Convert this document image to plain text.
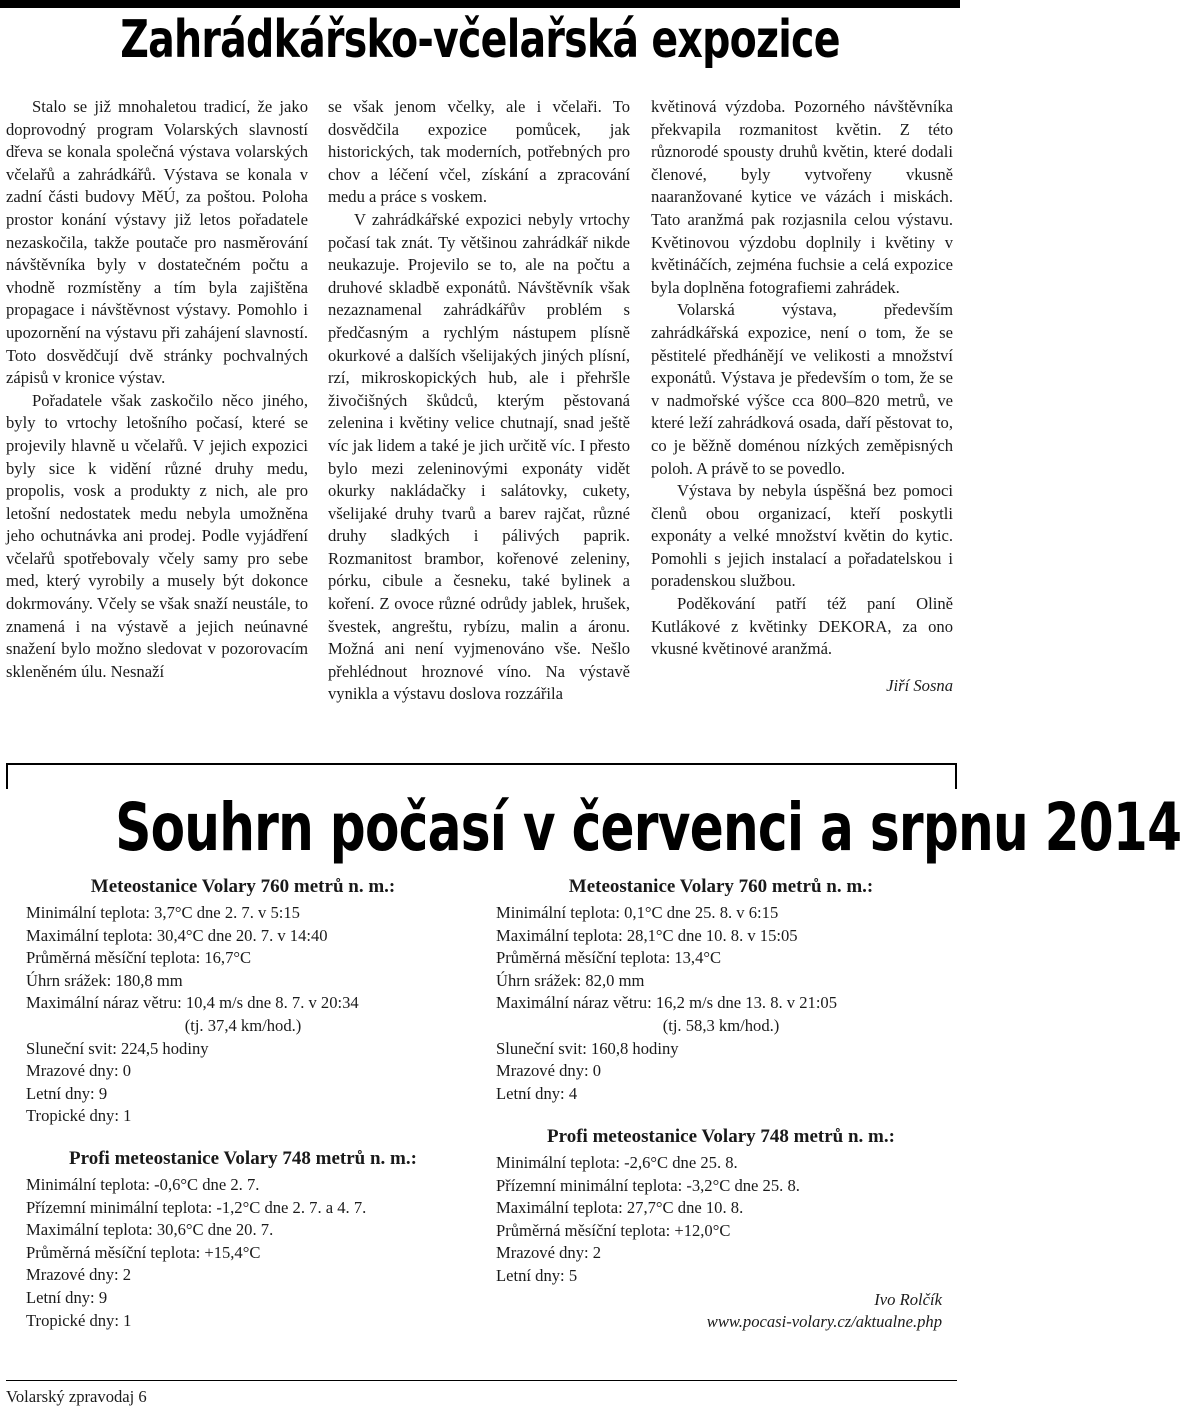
Zahrádkářsko-včelařská expozice

Stalo se již mnohaletou tradicí, že jako doprovodný program Volarských slavností dřeva se konala společná výstava volarských včelařů a zahrádkářů. Výstava se konala v zadní části budovy MěÚ, za poštou. Poloha prostor konání výstavy již letos pořadatele nezaskočila, takže poutače pro nasměrování návštěvníka byly v dostatečném počtu a vhodně rozmístěny a tím byla zajištěna propagace i návštěvnost výstavy. Pomohlo i upozornění na výstavu při zahájení slavností. Toto dosvědčují dvě stránky pochvalných zápisů v kronice výstav.

Pořadatele však zaskočilo něco jiného, byly to vrtochy letošního počasí, které se projevily hlavně u včelařů. V jejich expozici byly sice k vidění různé druhy medu, propolis, vosk a produkty z nich, ale pro letošní nedostatek medu nebyla umožněna jeho ochutnávka ani prodej. Podle vyjádření včelařů spotřebovaly včely samy pro sebe med, který vyrobily a musely být dokonce dokrmovány. Včely se však snaží neustále, to znamená i na výstavě a jejich neúnavné snažení bylo možno sledovat v pozorovacím skleněném úlu. Nesnaží

se však jenom včelky, ale i včelaři. To dosvědčila expozice pomůcek, jak historických, tak moderních, potřebných pro chov a léčení včel, získání a zpracování medu a práce s voskem.

V zahrádkářské expozici nebyly vrtochy počasí tak znát. Ty většinou zahrádkář nikde neukazuje. Projevilo se to, ale na počtu a druhové skladbě exponátů. Návštěvník však nezaznamenal zahrádkářův problém s předčasným a rychlým nástupem plísně okurkové a dalších všelijakých jiných plísní, rzí, mikroskopických hub, ale i přehršle živočišných škůdců, kterým pěstovaná zelenina i květiny velice chutnají, snad ještě víc jak lidem a také je jich určitě víc. I přesto bylo mezi zeleninovými exponáty vidět okurky nakládačky i salátovky, cukety, všelijaké druhy tvarů a barev rajčat, různé druhy sladkých i pálivých paprik. Rozmanitost brambor, kořenové zeleniny, pórku, cibule a česneku, také bylinek a koření. Z ovoce různé odrůdy jablek, hrušek, švestek, angreštu, rybízu, malin a áronu. Možná ani není vyjmenováno vše. Nešlo přehlédnout hroznové víno. Na výstavě vynikla a výstavu doslova rozzářila

květinová výzdoba. Pozorného návštěvníka překvapila rozmanitost květin. Z této různorodé spousty druhů květin, které dodali členové, byly vytvořeny vkusně naaranžované kytice ve vázách i miskách. Tato aranžmá pak rozjasnila celou výstavu. Květinovou výzdobu doplnily i květiny v květináčích, zejména fuchsie a celá expozice byla doplněna fotografiemi zahrádek.

Volarská výstava, především zahrádkářská expozice, není o tom, že se pěstitelé předhánějí ve velikosti a množství exponátů. Výstava je především o tom, že se v nadmořské výšce cca 800–820 metrů, ve které leží zahrádková osada, daří pěstovat to, co je běžně doménou nízkých zeměpisných poloh. A právě to se povedlo.

Výstava by nebyla úspěšná bez pomoci členů obou organizací, kteří poskytli exponáty a velké množství květin do kytic. Pomohli s jejich instalací a pořadatelskou i poradenskou službou.

Poděkování patří též paní Olině Kutlákové z květinky DEKORA, za ono vkusné květinové aranžmá.

Jiří Sosna

Souhrn počasí v červenci a srpnu 2014
Meteostanice Volary 760 metrů n. m.:
Minimální teplota: 3,7°C dne 2. 7. v 5:15
Maximální teplota: 30,4°C dne 20. 7. v 14:40
Průměrná měsíční teplota: 16,7°C
Úhrn srážek: 180,8 mm
Maximální náraz větru: 10,4 m/s dne 8. 7. v 20:34
(tj. 37,4 km/hod.)
Sluneční svit: 224,5 hodiny
Mrazové dny: 0
Letní dny: 9
Tropické dny: 1
Profi meteostanice Volary 748 metrů n. m.:
Minimální teplota: -0,6°C dne 2. 7.
Přízemní minimální teplota: -1,2°C dne 2. 7. a 4. 7.
Maximální teplota: 30,6°C dne 20. 7.
Průměrná měsíční teplota: +15,4°C
Mrazové dny: 2
Letní dny: 9
Tropické dny: 1
Meteostanice Volary 760 metrů n. m.:
Minimální teplota: 0,1°C dne 25. 8. v 6:15
Maximální teplota: 28,1°C dne 10. 8. v 15:05
Průměrná měsíční teplota: 13,4°C
Úhrn srážek: 82,0 mm
Maximální náraz větru: 16,2 m/s dne 13. 8. v 21:05
(tj. 58,3 km/hod.)
Sluneční svit: 160,8 hodiny
Mrazové dny: 0
Letní dny: 4
Profi meteostanice Volary 748 metrů n. m.:
Minimální teplota: -2,6°C dne 25. 8.
Přízemní minimální teplota: -3,2°C dne 25. 8.
Maximální teplota: 27,7°C dne 10. 8.
Průměrná měsíční teplota: +12,0°C
Mrazové dny: 2
Letní dny: 5
Ivo Rolčík
www.pocasi-volary.cz/aktualne.php
Volarský zpravodaj 6
